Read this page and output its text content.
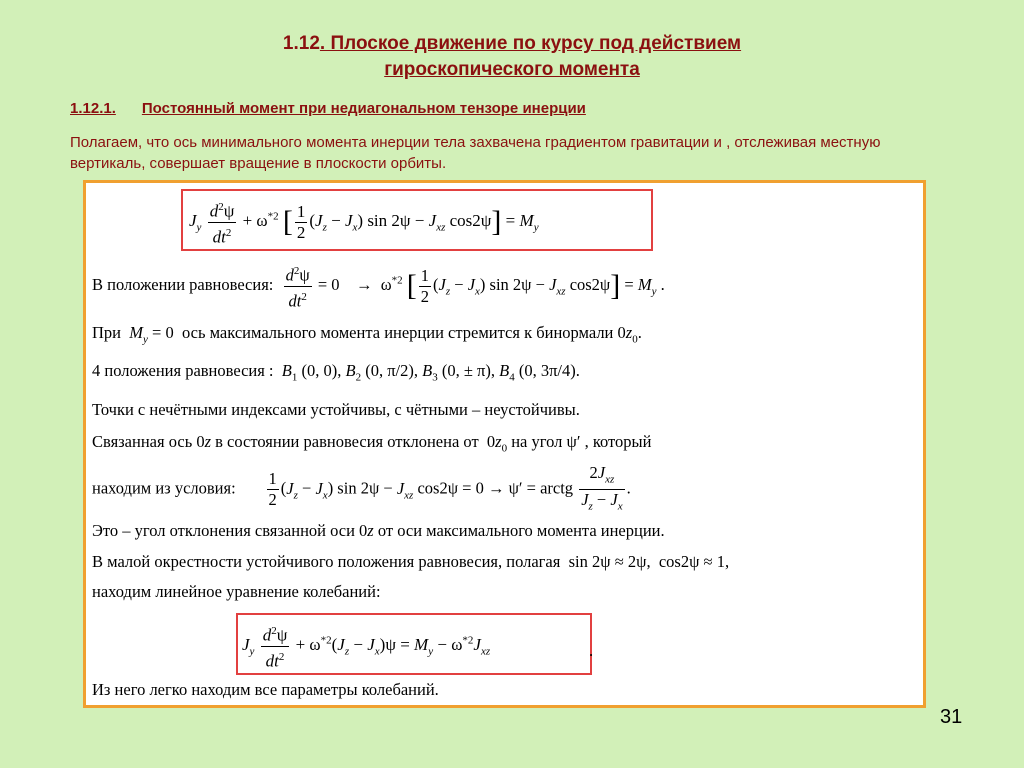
1.12. Плоское движение по курсу под действием
гироскопического момента
1.12.1. Постоянный момент при недиагональном тензоре инерции
Полагаем, что ось минимального момента инерции тела захвачена градиентом гравитации и , отслеживая местную вертикаль, совершает вращение в плоскости орбиты.
$J_y \frac{d^2\psi}{dt^2} + \omega^{*2}$ [ $\frac{1}{2} (J_z - J_x)$ $\sin 2\psi - J_{xz}$ $\cos 2\psi] = M_y$
В положении равновесия: $\frac{d^2\psi}{dt^2} = 0$    →  $\omega^{*2}$ [ $\frac{1}{2} (J_z - J_x)$ $\sin 2\psi - J_{xz}$ $\cos 2\psi] = M_y$ .
При $M_y = 0$  ось максимального момента инерции стремится к бинормали $0z_0$.
4 положения равновесия : $B_1$ (0, 0), $B_2$ (0, π/2), $B_3$ (0, ± π), $B_4$ (0, 3π/4).
Точки с нечётными индексами устойчивы, с чётными – неустойчивы.
Связанная ось 0z в состоянии равновесия отклонена от  $0z_0$ на угол ψ′ , который
находим из условия: $\frac{1}{2} (J_z - J_x)$ $\sin 2\psi - J_{xz}$ cos2ψ = 0 → ψ′ = arctg $\frac{2J_{xz}}{J_z - J_x}$ .
Это – угол отклонения связанной оси 0z от оси максимального момента инерции.
В малой окрестности устойчивого положения равновесия, полагая  sin 2ψ ≈ 2ψ,  cos2ψ ≈ 1,
находим линейное уравнение колебаний:
$J_y \frac{d^2\psi}{dt^2} + \omega^{*2}(J_z - J_x)\psi = M_y - \omega^{*2}J_{xz}$	.
Из него легко находим все параметры колебаний.
31
